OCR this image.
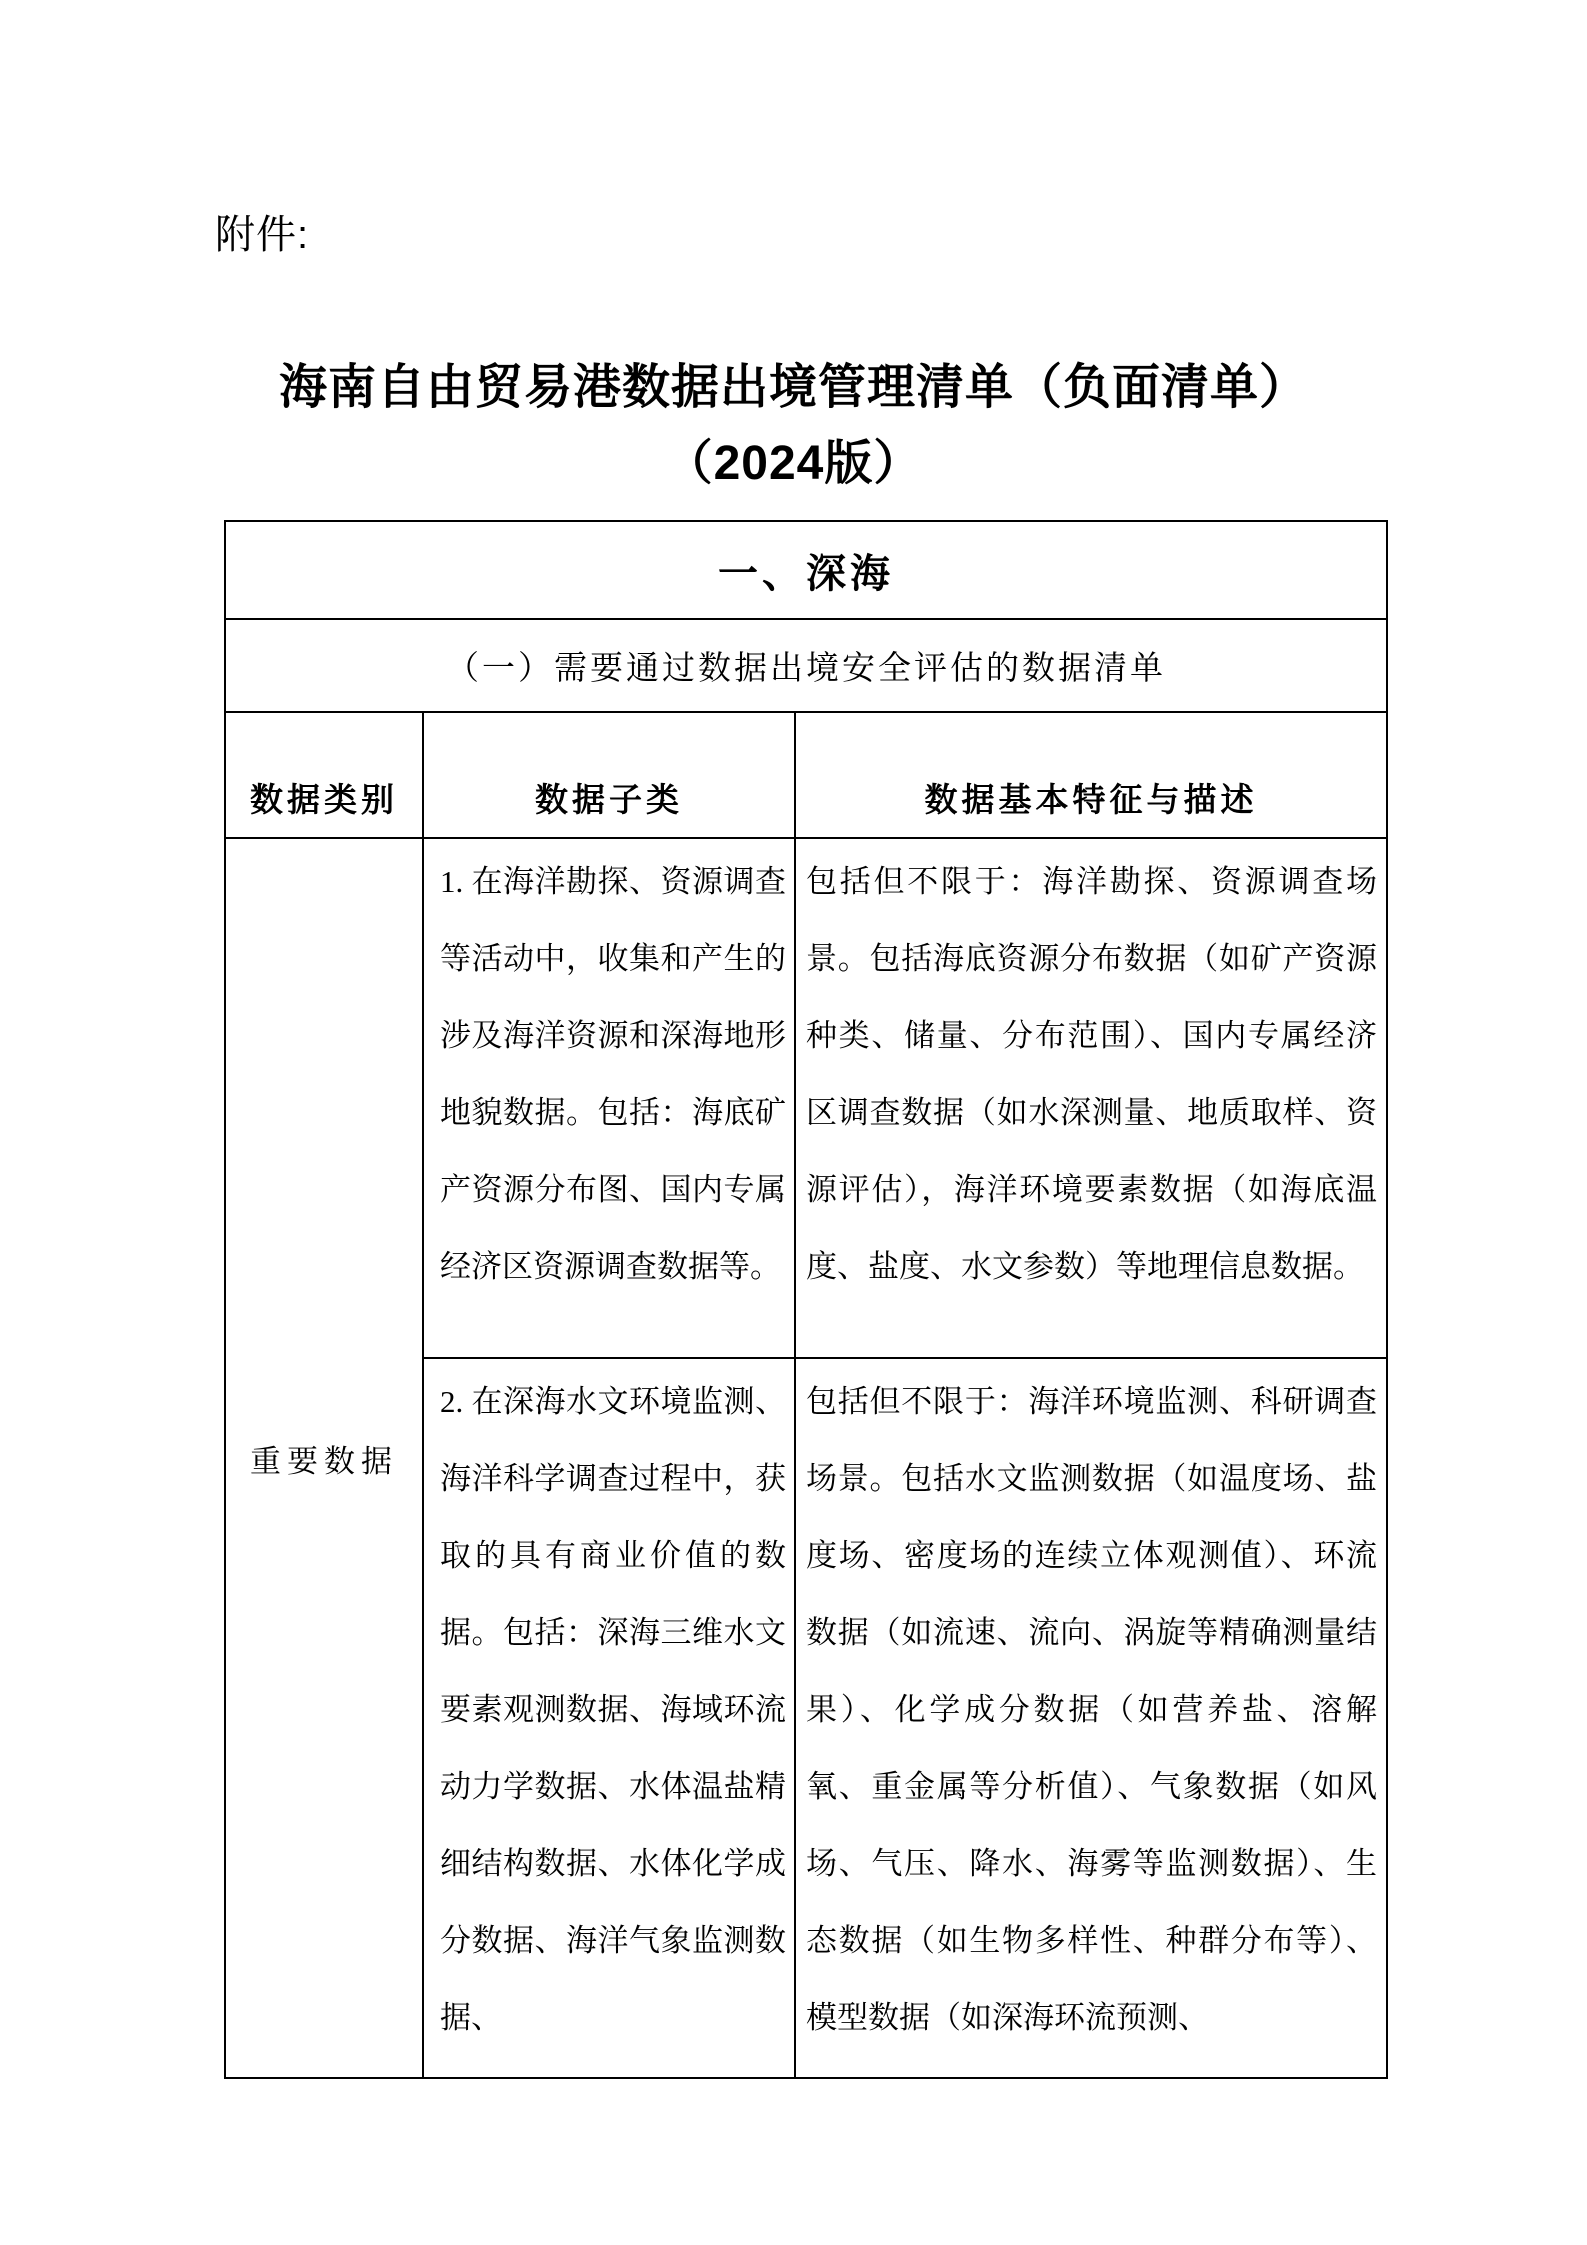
附件:
海南自由贸易港数据出境管理清单（负面清单）
（2024版）
一、深海		
（一）需要通过数据出境安全评估的数据清单		
数据类别	数据子类	数据基本特征与描述
重要数据	1. 在海洋勘探、资源调查等活动中，收集和产生的涉及海洋资源和深海地形地貌数据。包括：海底矿产资源分布图、国内专属经济区资源调查数据等。	包括但不限于：海洋勘探、资源调查场景。包括海底资源分布数据（如矿产资源种类、储量、分布范围）、国内专属经济区调查数据（如水深测量、地质取样、资源评估），海洋环境要素数据（如海底温度、盐度、水文参数）等地理信息数据。
	2. 在深海水文环境监测、海洋科学调查过程中，获取的具有商业价值的数据。包括：深海三维水文要素观测数据、海域环流动力学数据、水体温盐精细结构数据、水体化学成分数据、海洋气象监测数据、	包括但不限于：海洋环境监测、科研调查场景。包括水文监测数据（如温度场、盐度场、密度场的连续立体观测值）、环流数据（如流速、流向、涡旋等精确测量结果）、化学成分数据（如营养盐、溶解氧、重金属等分析值）、气象数据（如风场、气压、降水、海雾等监测数据）、生态数据（如生物多样性、种群分布等）、模型数据（如深海环流预测、
